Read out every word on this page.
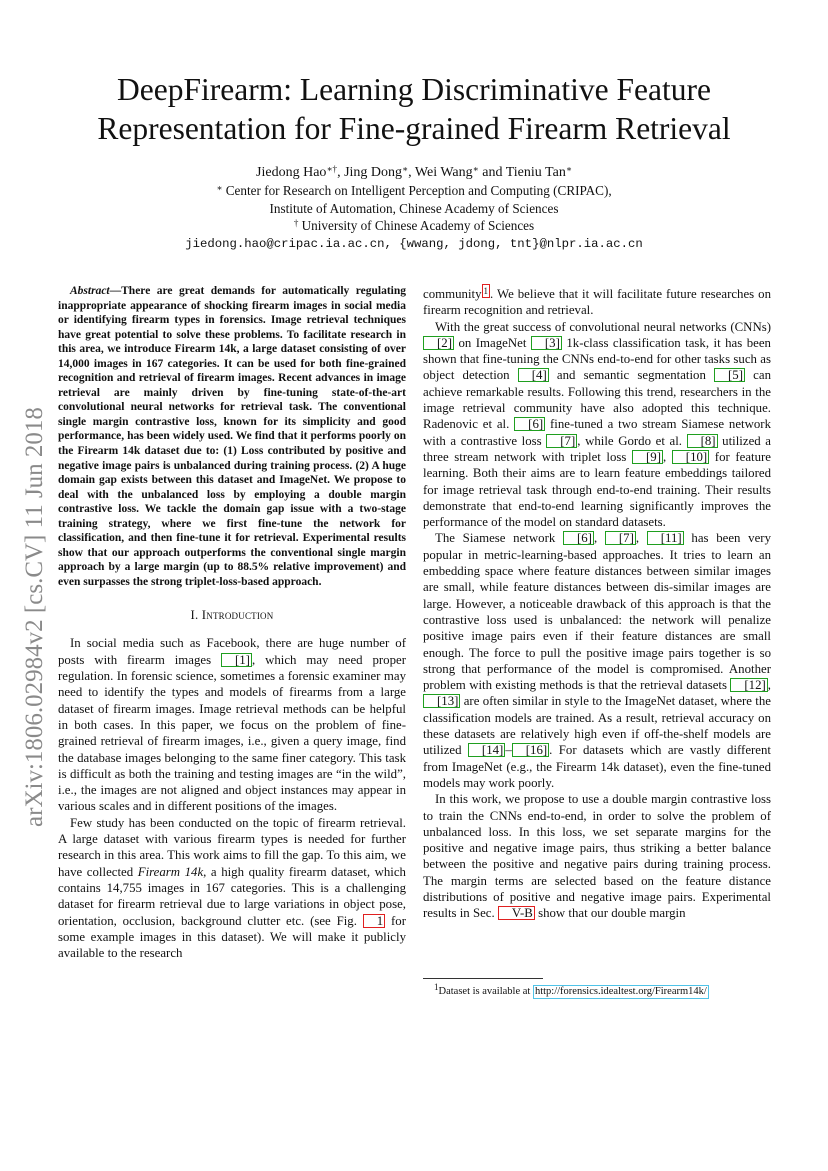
DeepFirearm: Learning Discriminative Feature
Representation for Fine-grained Firearm Retrieval
Jiedong Hao∗†, Jing Dong∗, Wei Wang∗ and Tieniu Tan∗
∗ Center for Research on Intelligent Perception and Computing (CRIPAC),
Institute of Automation, Chinese Academy of Sciences
† University of Chinese Academy of Sciences
jiedong.hao@cripac.ia.ac.cn, {wwang, jdong, tnt}@nlpr.ia.ac.cn
arXiv:1806.02984v2 [cs.CV] 11 Jun 2018

Abstract—There are great demands for automatically regulating inappropriate appearance of shocking firearm images in social media or identifying firearm types in forensics. Image retrieval techniques have great potential to solve these problems. To facilitate research in this area, we introduce Firearm 14k, a large dataset consisting of over 14,000 images in 167 categories. It can be used for both fine-grained recognition and retrieval of firearm images. Recent advances in image retrieval are mainly driven by fine-tuning state-of-the-art convolutional neural networks for retrieval task. The conventional single margin contrastive loss, known for its simplicity and good performance, has been widely used. We find that it performs poorly on the Firearm 14k dataset due to: (1) Loss contributed by positive and negative image pairs is unbalanced during training process. (2) A huge domain gap exists between this dataset and ImageNet. We propose to deal with the unbalanced loss by employing a double margin contrastive loss. We tackle the domain gap issue with a two-stage training strategy, where we first fine-tune the network for classification, and then fine-tune it for retrieval. Experimental results show that our approach outperforms the conventional single margin approach by a large margin (up to 88.5% relative improvement) and even surpasses the strong triplet-loss-based approach.

I. Introduction

In social media such as Facebook, there are huge number of posts with firearm images [1] , which may need proper regulation. In forensic science, sometimes a forensic examiner may need to identify the types and models of firearms from a large dataset of firearm images. Image retrieval methods can be helpful in both cases. In this paper, we focus on the problem of fine-grained retrieval of firearm images, i.e., given a query image, find the database images belonging to the same finer category. This task is difficult as both the training and testing images are “in the wild”, i.e., the images are not aligned and object instances may appear in various scales and in different positions of the images.

Few study has been conducted on the topic of firearm retrieval. A large dataset with various firearm types is needed for further research in this area. This work aims to fill the gap. To this aim, we have collected Firearm 14k, a high quality firearm dataset, which contains 14,755 images in 167 categories. This is a challenging dataset for firearm retrieval due to large variations in object pose, orientation, occlusion, background clutter etc. (see Fig. 1 for some example images in this dataset). We will make it publicly available to the research

community $^1$ . We believe that it will facilitate future researches on firearm recognition and retrieval.

With the great success of convolutional neural networks (CNNs) [2] on ImageNet [3] 1k-class classification task, it has been shown that fine-tuning the CNNs end-to-end for other tasks such as object detection [4] and semantic segmentation [5] can achieve remarkable results. Following this trend, researchers in the image retrieval community have also adopted this technique. Radenovic et al. [6] fine-tuned a two stream Siamese network with a contrastive loss [7] , while Gordo et al. [8] utilized a three stream network with triplet loss [9] , [10] for feature learning. Both their aims are to learn feature embeddings tailored for image retrieval task through end-to-end training. Their results demonstrate that end-to-end learning significantly improves the performance of the model on standard datasets.

The Siamese network [6] , [7] , [11] has been very popular in metric-learning-based approaches. It tries to learn an embedding space where feature distances between similar images are small, while feature distances between dis-similar images are large. However, a noticeable drawback of this approach is that the contrastive loss used is unbalanced: the network will penalize positive image pairs even if their feature distances are small enough. The force to pull the positive image pairs together is so strong that performance of the model is compromised. Another problem with existing methods is that the retrieval datasets [12] , [13] are often similar in style to the ImageNet dataset, where the classification models are trained. As a result, retrieval accuracy on these datasets are relatively high even if off-the-shelf models are utilized [14] – [16] . For datasets which are vastly different from ImageNet (e.g., the Firearm 14k dataset), even the fine-tuned models may work poorly.

In this work, we propose to use a double margin contrastive loss to train the CNNs end-to-end, in order to solve the problem of unbalanced loss. In this loss, we set separate margins for the positive and negative image pairs, thus striking a better balance between the positive and negative pairs during training process. The margin terms are selected based on the feature distance distributions of positive and negative image pairs. Experimental results in Sec. V-B show that our double margin

$^1$Dataset is available at http://forensics.idealtest.org/Firearm14k/
